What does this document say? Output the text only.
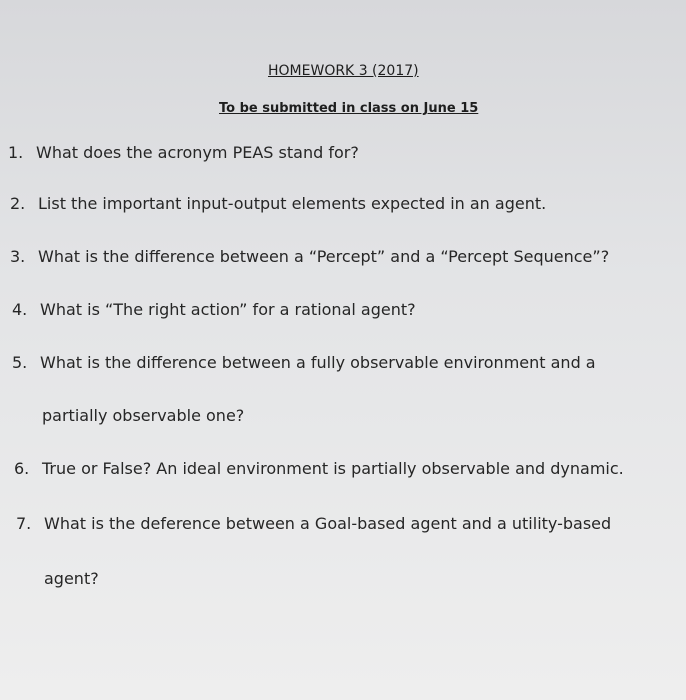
HOMEWORK 3 (2017)
To be submitted in class on June 15
1. What does the acronym PEAS stand for?
2. List the important input-output elements expected in an agent.
3. What is the difference between a “Percept” and a “Percept Sequence”?
4. What is “The right action” for a rational agent?
5. What is the difference between a fully observable environment and a
partially observable one?
6. True or False? An ideal environment is partially observable and dynamic.
7. What is the deference between a Goal-based agent and a utility-based
agent?
